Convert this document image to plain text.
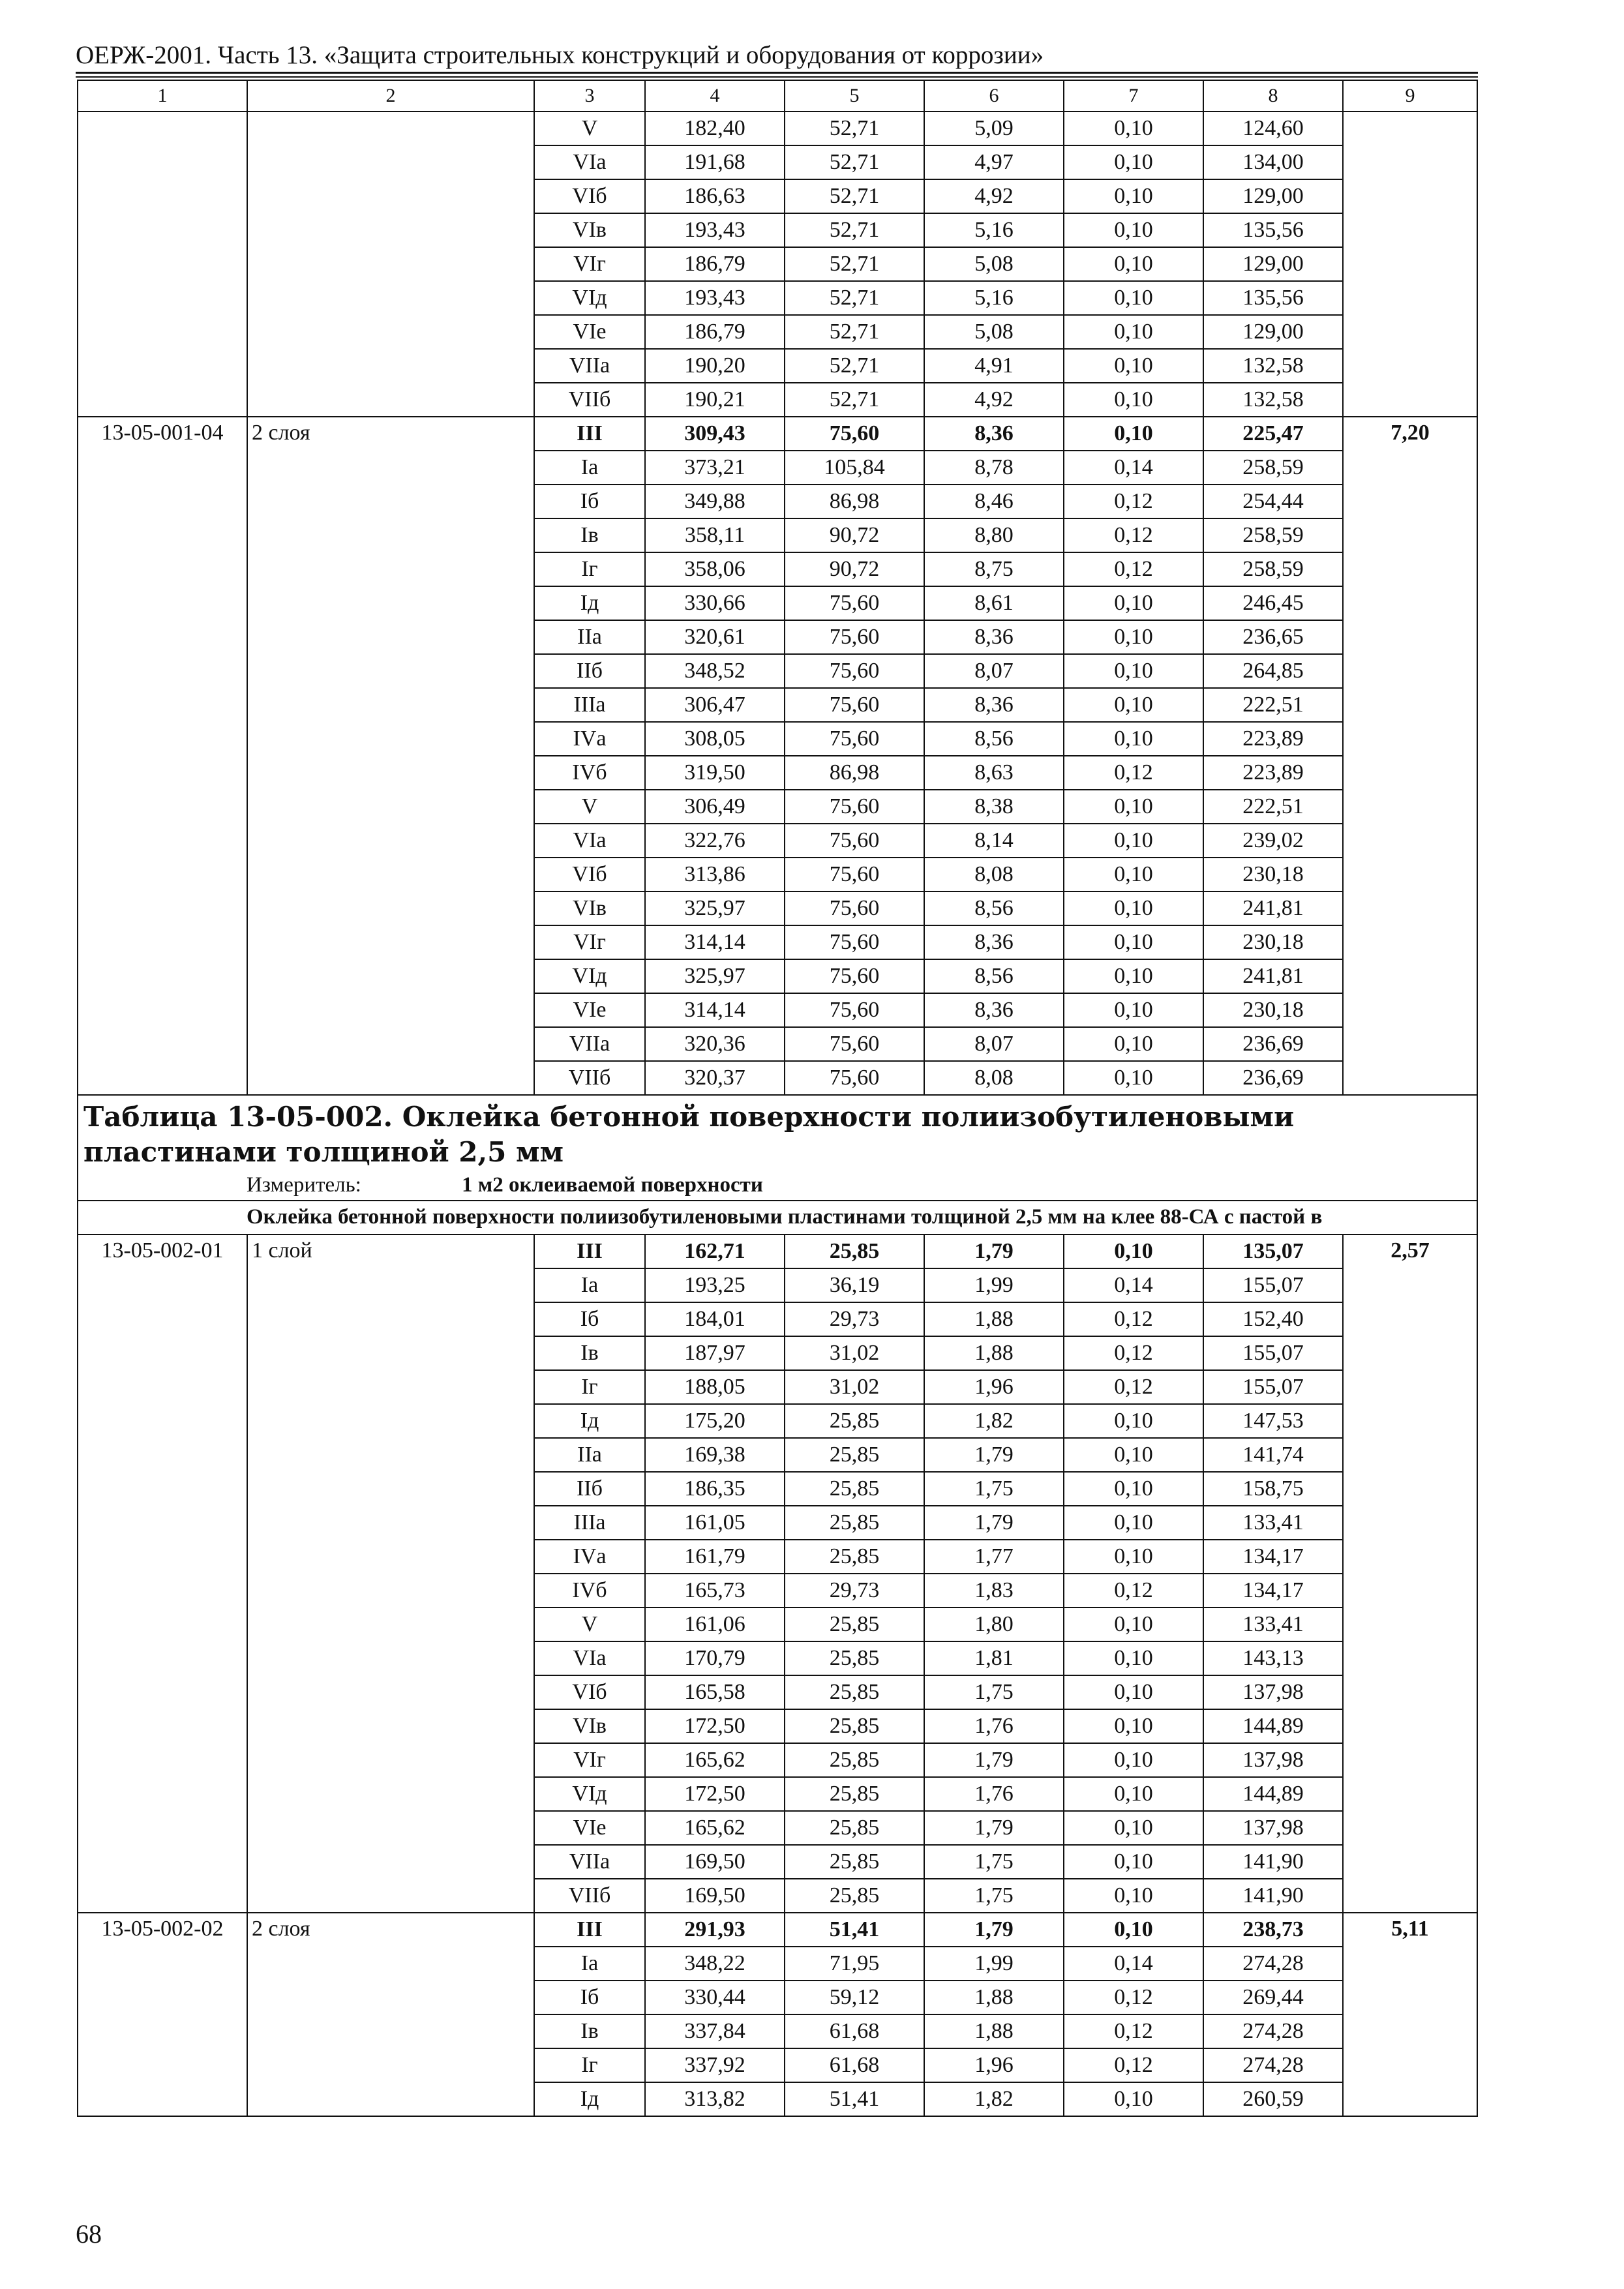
ОЕРЖ-2001. Часть 13. «Защита строительных конструкций и оборудования от коррозии»
1	2	3	4	5	6	7	8	9
		V	182,40	52,71	5,09	0,10	124,60	
		VIа	191,68	52,71	4,97	0,10	134,00	
		VIб	186,63	52,71	4,92	0,10	129,00	
		VIв	193,43	52,71	5,16	0,10	135,56	
		VIг	186,79	52,71	5,08	0,10	129,00	
		VIд	193,43	52,71	5,16	0,10	135,56	
		VIе	186,79	52,71	5,08	0,10	129,00	
		VIIа	190,20	52,71	4,91	0,10	132,58	
		VIIб	190,21	52,71	4,92	0,10	132,58	
13-05-001-04	2 слоя	III	309,43	75,60	8,36	0,10	225,47	7,20
		Iа	373,21	105,84	8,78	0,14	258,59	
		Iб	349,88	86,98	8,46	0,12	254,44	
		Iв	358,11	90,72	8,80	0,12	258,59	
		Iг	358,06	90,72	8,75	0,12	258,59	
		Iд	330,66	75,60	8,61	0,10	246,45	
		IIа	320,61	75,60	8,36	0,10	236,65	
		IIб	348,52	75,60	8,07	0,10	264,85	
		IIIа	306,47	75,60	8,36	0,10	222,51	
		IVа	308,05	75,60	8,56	0,10	223,89	
		IVб	319,50	86,98	8,63	0,12	223,89	
		V	306,49	75,60	8,38	0,10	222,51	
		VIа	322,76	75,60	8,14	0,10	239,02	
		VIб	313,86	75,60	8,08	0,10	230,18	
		VIв	325,97	75,60	8,56	0,10	241,81	
		VIг	314,14	75,60	8,36	0,10	230,18	
		VIд	325,97	75,60	8,56	0,10	241,81	
		VIе	314,14	75,60	8,36	0,10	230,18	
		VIIа	320,36	75,60	8,07	0,10	236,69	
		VIIб	320,37	75,60	8,08	0,10	236,69	

Таблица 13-05-002. Оклейка бетонной поверхности полиизобутиленовыми пластинами толщиной 2,5 мм
Измеритель: 1 м2 оклеиваемой поверхности								

Оклейка бетонной поверхности полиизобутиленовыми пластинами толщиной 2,5 мм на клее 88-СА с пастой в								
13-05-002-01	1 слой	III	162,71	25,85	1,79	0,10	135,07	2,57
		Iа	193,25	36,19	1,99	0,14	155,07	
		Iб	184,01	29,73	1,88	0,12	152,40	
		Iв	187,97	31,02	1,88	0,12	155,07	
		Iг	188,05	31,02	1,96	0,12	155,07	
		Iд	175,20	25,85	1,82	0,10	147,53	
		IIа	169,38	25,85	1,79	0,10	141,74	
		IIб	186,35	25,85	1,75	0,10	158,75	
		IIIа	161,05	25,85	1,79	0,10	133,41	
		IVа	161,79	25,85	1,77	0,10	134,17	
		IVб	165,73	29,73	1,83	0,12	134,17	
		V	161,06	25,85	1,80	0,10	133,41	
		VIа	170,79	25,85	1,81	0,10	143,13	
		VIб	165,58	25,85	1,75	0,10	137,98	
		VIв	172,50	25,85	1,76	0,10	144,89	
		VIг	165,62	25,85	1,79	0,10	137,98	
		VIд	172,50	25,85	1,76	0,10	144,89	
		VIе	165,62	25,85	1,79	0,10	137,98	
		VIIа	169,50	25,85	1,75	0,10	141,90	
		VIIб	169,50	25,85	1,75	0,10	141,90	
13-05-002-02	2 слоя	III	291,93	51,41	1,79	0,10	238,73	5,11
		Iа	348,22	71,95	1,99	0,14	274,28	
		Iб	330,44	59,12	1,88	0,12	269,44	
		Iв	337,84	61,68	1,88	0,12	274,28	
		Iг	337,92	61,68	1,96	0,12	274,28	
		Iд	313,82	51,41	1,82	0,10	260,59	
68
